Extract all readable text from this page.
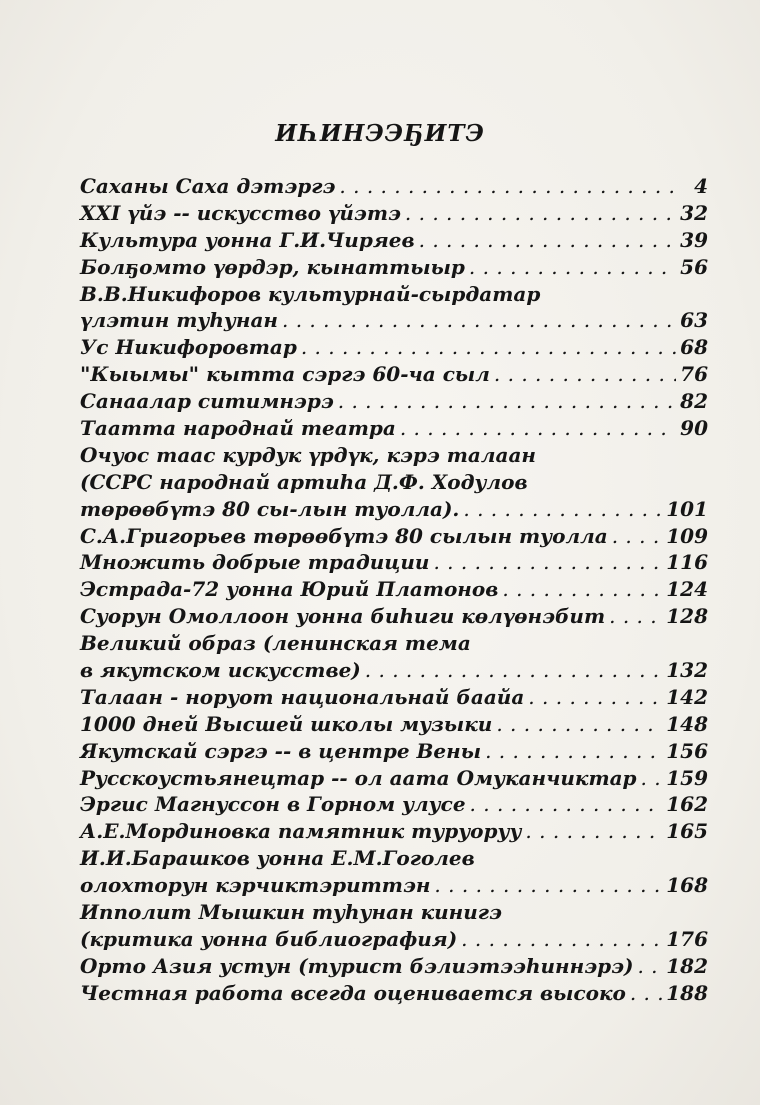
ИҺИНЭЭҔИТЭ
Саханы Саха дэтэргэ . . .	4
XXI үйэ -- искусство үйэтэ . . .	32
Культура уонна Г.И.Чиряев . . .	39
Болҕомто үөрдэр, кынаттыыр . . .	56
В.В.Никифоров культурнай-сырдатар
үлэтин туһунан . . .	63
Ус Никифоровтар . . .	68
"Кыымы" кытта сэргэ 60-ча сыл . . .	76
Санаалар ситимнэрэ . . .	82
Таатта народнай театра . . .	90
Очуос таас курдук үрдүк, кэрэ талаан
(ССРС народнай артиһа Д.Ф. Ходулов
төрөөбүтэ 80 сы-лын туолла). . . .	101
С.А.Григорьев төрөөбүтэ 80 сылын туолла . . .	109
Множить добрые традиции . . .	116
Эстрада-72 уонна Юрий Платонов . . .	124
Суорун Омоллоон уонна биһиги көлүөнэбит . . .	128
Великий образ (ленинская тема
в якутском искусстве) . . .	132
Талаан - норуот национальнай баайа . . .	142
1000 дней Высшей школы музыки . . .	148
Якутскай сэргэ -- в центре Вены . . .	156
Русскоустьянецтар -- ол аата Омуканчиктар . . . 159
Эргис Магнуссон в Горном улусе . . .	162
А.Е.Мординовка памятник туруоруу . . .	165
И.И.Барашков уонна Е.М.Гоголев
олохторун кэрчиктэриттэн . . .	168
Ипполит Мышкин туһунан кинигэ
(критика уонна библиография) . . .	176
Орто Азия устун (турист бэлиэтээһиннэрэ) . . . 182
Честная работа всегда оценивается высоко . . . 188
